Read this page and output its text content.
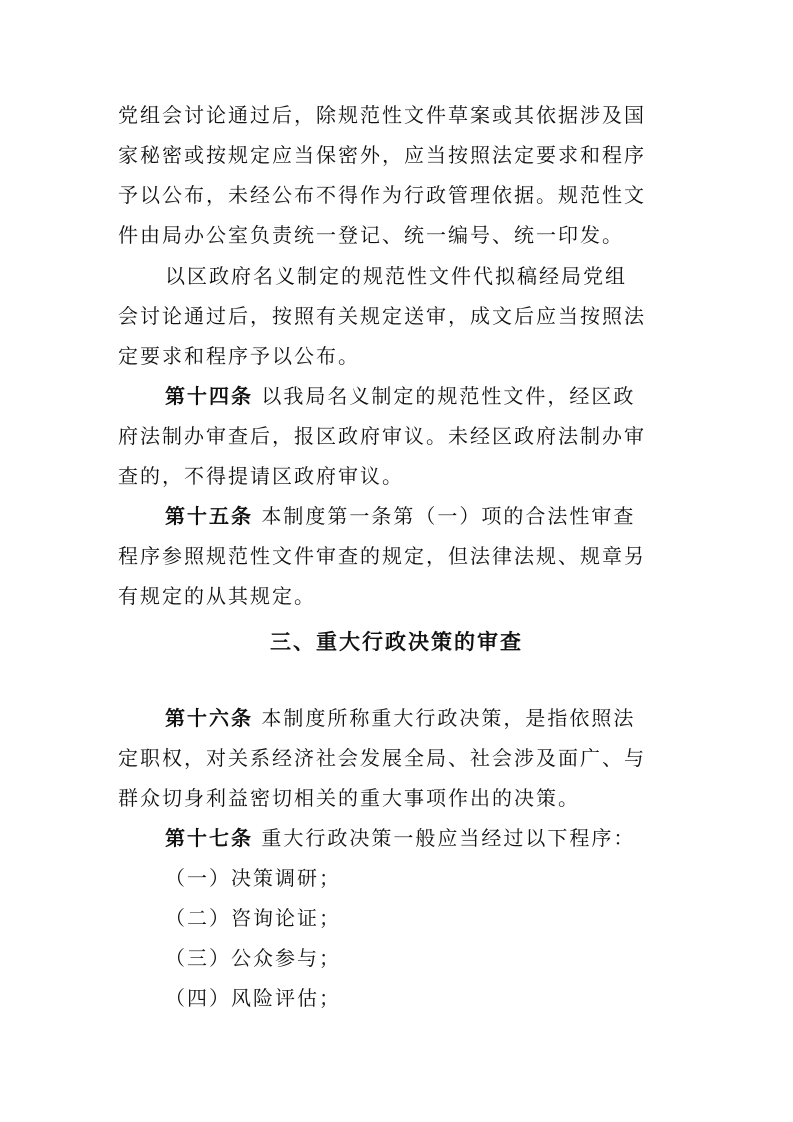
党组会讨论通过后，除规范性文件草案或其依据涉及国
家秘密或按规定应当保密外，应当按照法定要求和程序
予以公布，未经公布不得作为行政管理依据。规范性文
件由局办公室负责统一登记、统一编号、统一印发。
以区政府名义制定的规范性文件代拟稿经局党组
会讨论通过后，按照有关规定送审，成文后应当按照法
定要求和程序予以公布。
第十四条 以我局名义制定的规范性文件，经区政
府法制办审查后，报区政府审议。未经区政府法制办审
查的，不得提请区政府审议。
第十五条 本制度第一条第（一）项的合法性审查
程序参照规范性文件审查的规定，但法律法规、规章另
有规定的从其规定。
三、重大行政决策的审查
第十六条 本制度所称重大行政决策，是指依照法
定职权，对关系经济社会发展全局、社会涉及面广、与
群众切身利益密切相关的重大事项作出的决策。
第十七条 重大行政决策一般应当经过以下程序：
（一）决策调研；
（二）咨询论证；
（三）公众参与；
（四）风险评估；
